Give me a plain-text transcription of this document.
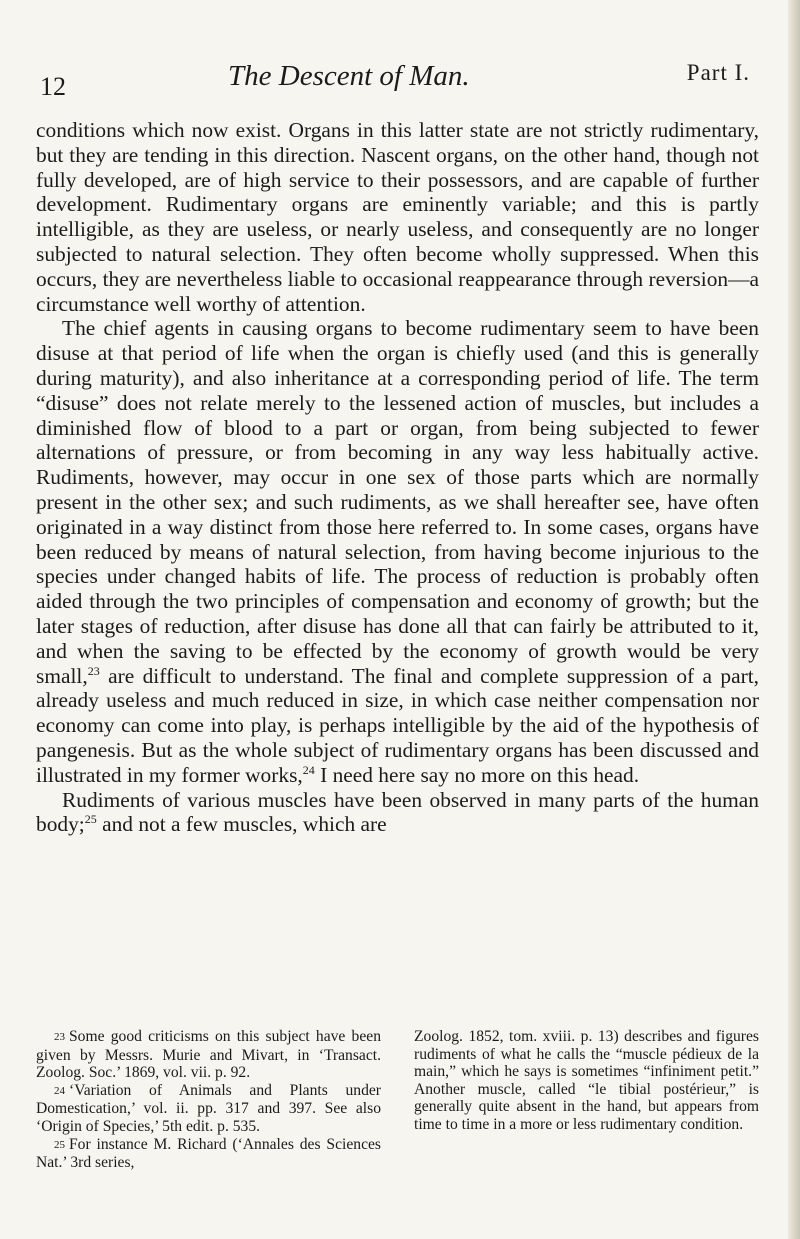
12	The Descent of Man.	Part I.

conditions which now exist. Organs in this latter state are not strictly rudimentary, but they are tending in this direction. Nascent organs, on the other hand, though not fully developed, are of high service to their possessors, and are capable of further development. Rudimentary organs are eminently variable; and this is partly intelligible, as they are useless, or nearly useless, and consequently are no longer subjected to natural selection. They often become wholly suppressed. When this occurs, they are nevertheless liable to occasional reappearance through reversion—a circumstance well worthy of attention.

The chief agents in causing organs to become rudimentary seem to have been disuse at that period of life when the organ is chiefly used (and this is generally during maturity), and also inheritance at a corresponding period of life. The term “disuse” does not relate merely to the lessened action of muscles, but includes a diminished flow of blood to a part or organ, from being subjected to fewer alternations of pressure, or from becoming in any way less habitually active. Rudiments, however, may occur in one sex of those parts which are normally present in the other sex; and such rudiments, as we shall hereafter see, have often originated in a way distinct from those here referred to. In some cases, organs have been reduced by means of natural selection, from having become injurious to the species under changed habits of life. The process of reduction is probably often aided through the two principles of compensation and economy of growth; but the later stages of reduction, after disuse has done all that can fairly be attributed to it, and when the saving to be effected by the economy of growth would be very small,$^{23}$ are difficult to understand. The final and complete suppression of a part, already useless and much reduced in size, in which case neither compensation nor economy can come into play, is perhaps intelligible by the aid of the hypothesis of pangenesis. But as the whole subject of rudimentary organs has been discussed and illustrated in my former works,$^{24}$ I need here say no more on this head.

Rudiments of various muscles have been observed in many parts of the human body;$^{25}$ and not a few muscles, which are

23 Some good criticisms on this subject have been given by Messrs. Murie and Mivart, in ‘Transact. Zoolog. Soc.’ 1869, vol. vii. p. 92.

24 ‘Variation of Animals and Plants under Domestication,’ vol. ii. pp. 317 and 397. See also ‘Origin of Species,’ 5th edit. p. 535.

25 For instance M. Richard (‘Annales des Sciences Nat.’ 3rd series,

Zoolog. 1852, tom. xviii. p. 13) describes and figures rudiments of what he calls the “muscle pédieux de la main,” which he says is sometimes “infiniment petit.” Another muscle, called “le tibial postérieur,” is generally quite absent in the hand, but appears from time to time in a more or less rudimentary condition.
